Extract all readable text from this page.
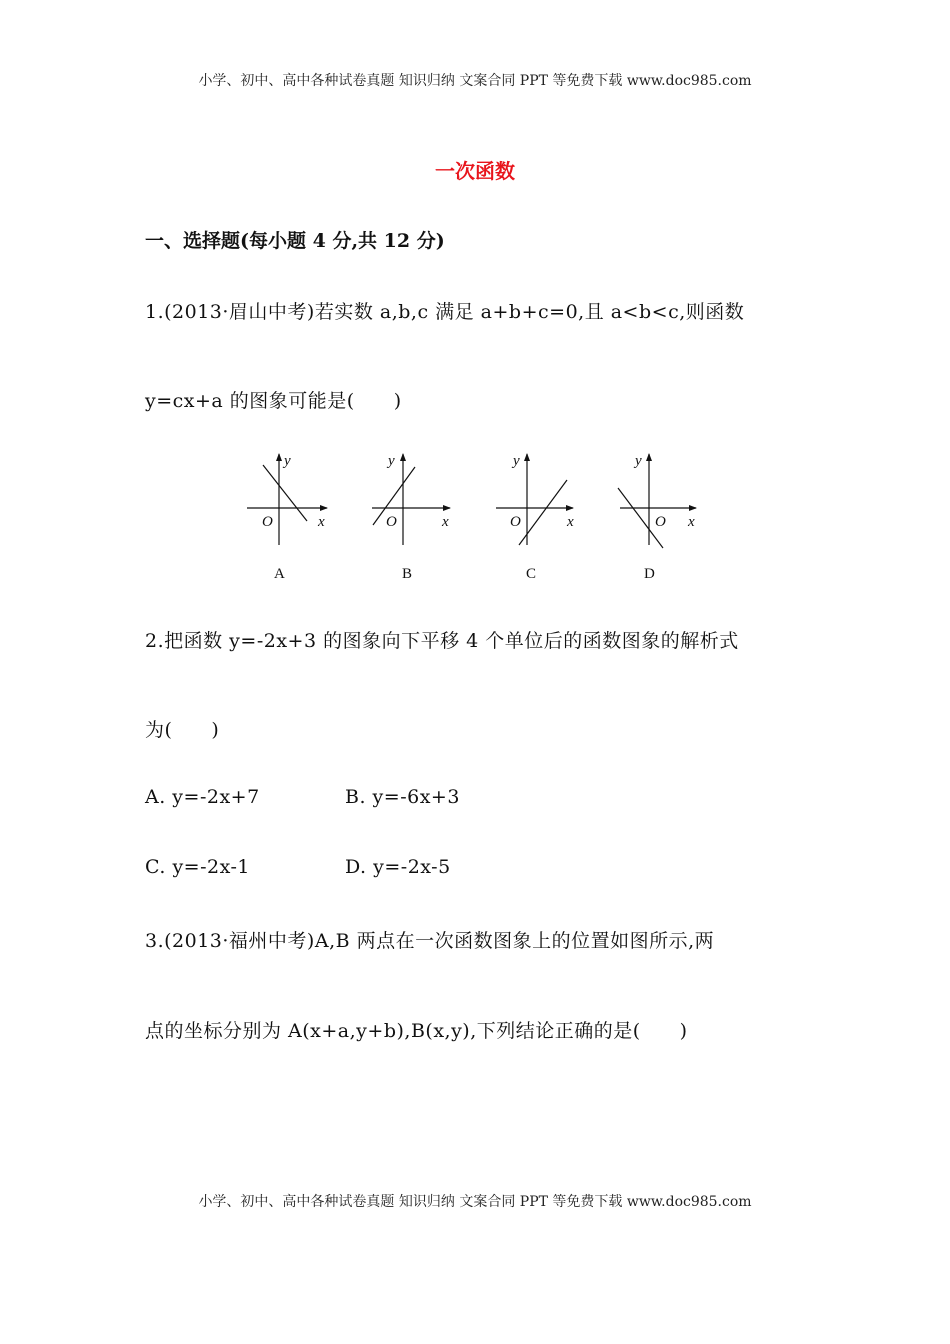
小学、初中、高中各种试卷真题 知识归纳 文案合同 PPT 等免费下载 www.doc985.com
一次函数
一、选择题(每小题 4 分,共 12 分)
1.(2013·眉山中考)若实数 a,b,c 满足 a+b+c=0,且 a<b<c,则函数
y=cx+a 的图象可能是(　　)
y
x
O
y
x
O
y
x
O
y
x
O
A	B	C	D
2.把函数 y=-2x+3 的图象向下平移 4 个单位后的函数图象的解析式
为(　　)
A. y=-2x+7	B. y=-6x+3
C. y=-2x-1	D. y=-2x-5
3.(2013·福州中考)A,B 两点在一次函数图象上的位置如图所示,两
点的坐标分别为 A(x+a,y+b),B(x,y),下列结论正确的是(　　)
小学、初中、高中各种试卷真题 知识归纳 文案合同 PPT 等免费下载 www.doc985.com
